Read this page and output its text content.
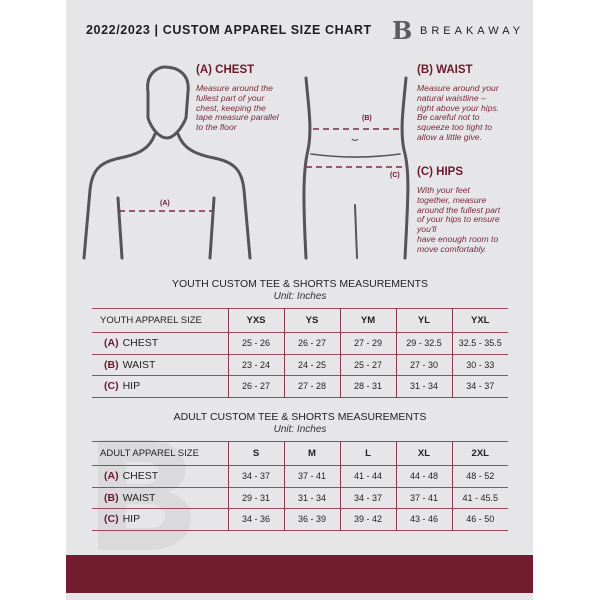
2022/2023 | CUSTOM APPAREL SIZE CHART B BREAKAWAY
(A)
(B)
(C)
(A) CHEST
Measure around the
fullest part of your
chest, keeping the
tape measure parallel
to the floor
(B) WAIST
Measure around your
natural waistline –
right above your hips.
Be careful not to
squeeze too tight to
allow a little give.
(C) HIPS
With your feet
together, measure
around the fullest part
of your hips to ensure
you'll
have enough room to
move comfortably.
YOUTH CUSTOM TEE & SHORTS MEASUREMENTS
Unit: Inches
YOUTH APPAREL SIZE	YXS	YS	YM	YL	YXL
(A) CHEST	25 - 26	26 - 27	27 - 29	29 - 32.5	32.5 - 35.5
(B) WAIST	23 - 24	24 - 25	25 - 27	27 - 30	30 - 33
(C) HIP	26 - 27	27 - 28	28 - 31	31 - 34	34 - 37
ADULT CUSTOM TEE & SHORTS MEASUREMENTS
Unit: Inches
ADULT APPAREL SIZE	S	M	L	XL	2XL
(A) CHEST	34 - 37	37 - 41	41 - 44	44 - 48	48 - 52
(B) WAIST	29 - 31	31 - 34	34 - 37	37 - 41	41 - 45.5
(C) HIP	34 - 36	36 - 39	39 - 42	43 - 46	46 - 50
